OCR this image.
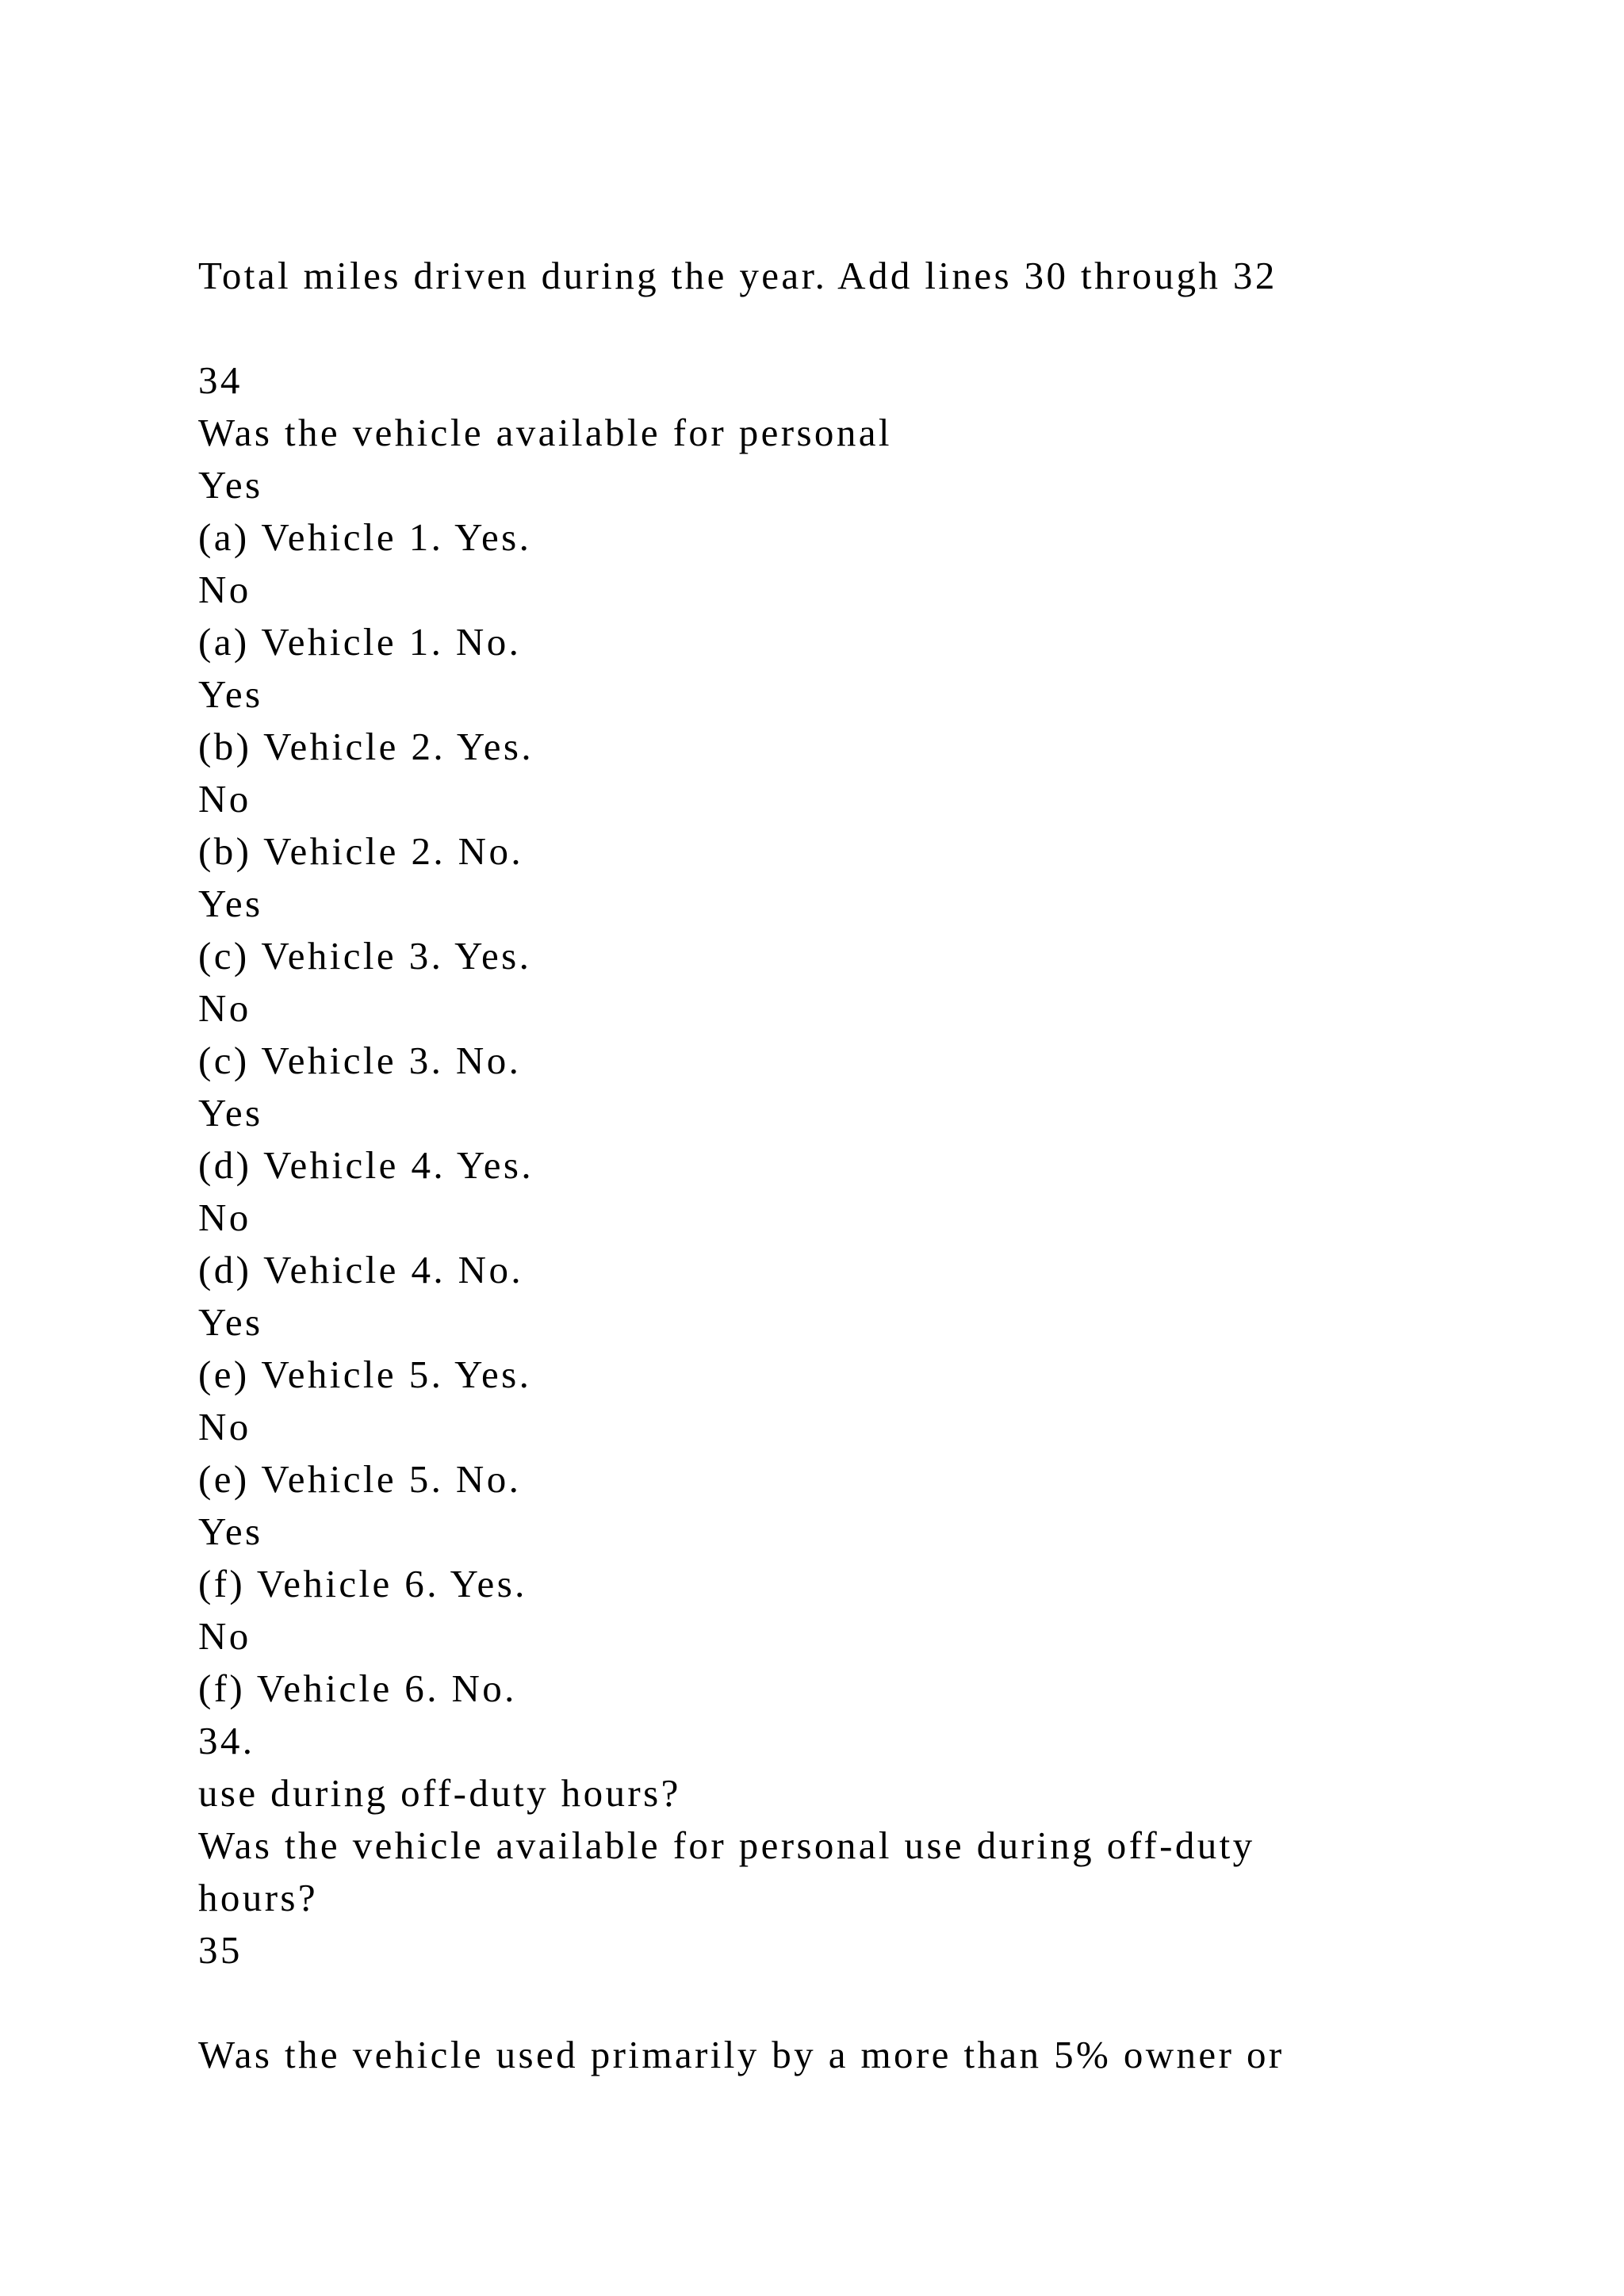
Total miles driven during the year. Add lines 30 through 32
34
Was the vehicle available for personal
Yes
(a) Vehicle 1. Yes.
No
(a) Vehicle 1. No.
Yes
(b) Vehicle 2. Yes.
No
(b) Vehicle 2. No.
Yes
(c) Vehicle 3. Yes.
No
(c) Vehicle 3. No.
Yes
(d) Vehicle 4. Yes.
No
(d) Vehicle 4. No.
Yes
(e) Vehicle 5. Yes.
No
(e) Vehicle 5. No.
Yes
(f) Vehicle 6. Yes.
No
(f) Vehicle 6. No.
34.
use during off-duty hours?
Was the vehicle available for personal use during off-duty
hours?
35
Was the vehicle used primarily by a more than 5% owner or
